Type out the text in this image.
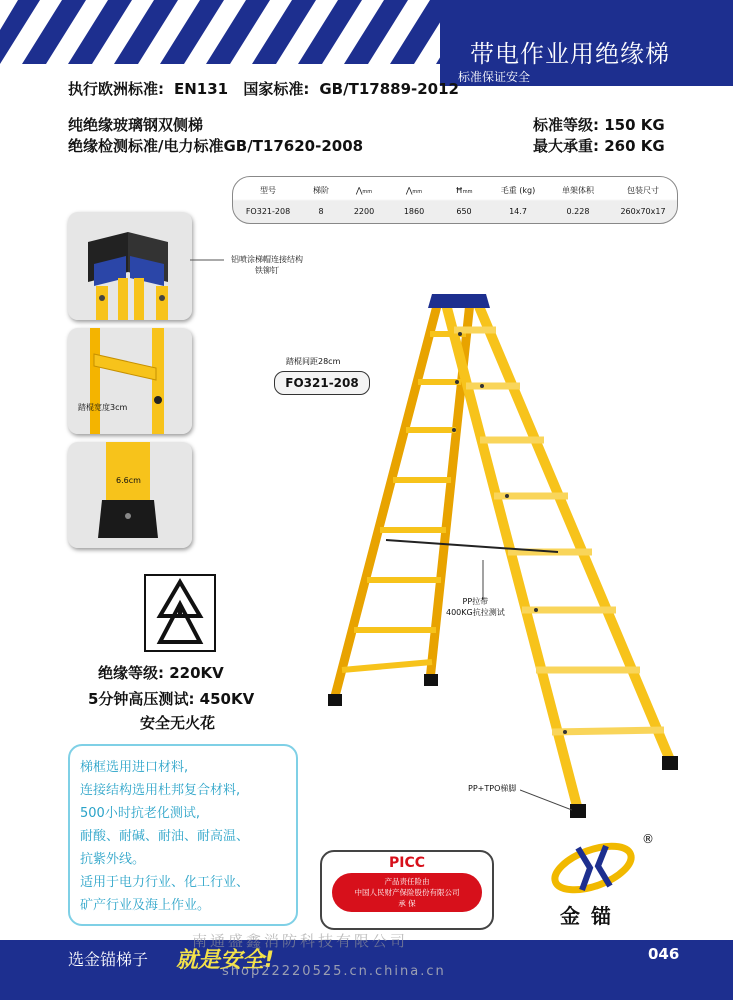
带电作业用绝缘梯
标准保证安全
执行欧洲标准: EN131 国家标准: GB/T17889-2012
纯绝缘玻璃钢双侧梯
绝缘检测标准/电力标准GB/T17620-2008
标准等级: 150 KG
最大承重: 260 KG
型号	梯阶	⋀mm	⋀mm	Ħmm	毛重 (kg)	单架体积	包装尺寸
FO321-208	8	2200	1860	650	14.7	0.228	260x70x17
铝喷涂梯帽连接结构
铁铆钉
踏棍宽度3cm
6.6cm
绝缘等级: 220KV
5分钟高压测试: 450KV
安全无火花
梯框选用进口材料,
连接结构选用杜邦复合材料,
500小时抗老化测试,
耐酸、耐碱、耐油、耐高温、
抗紫外线。
适用于电力行业、化工行业、
矿产行业及海上作业。
踏棍间距28cm
FO321-208
PP拉带
400KG抗拉测试
PP+TPO梯脚
PICC
产品责任险由
中国人民财产保险股份有限公司
承 保
®
金 锚
选金锚梯子 就是安全!	046
南通盛鑫消防科技有限公司
shop22220525.cn.china.cn
